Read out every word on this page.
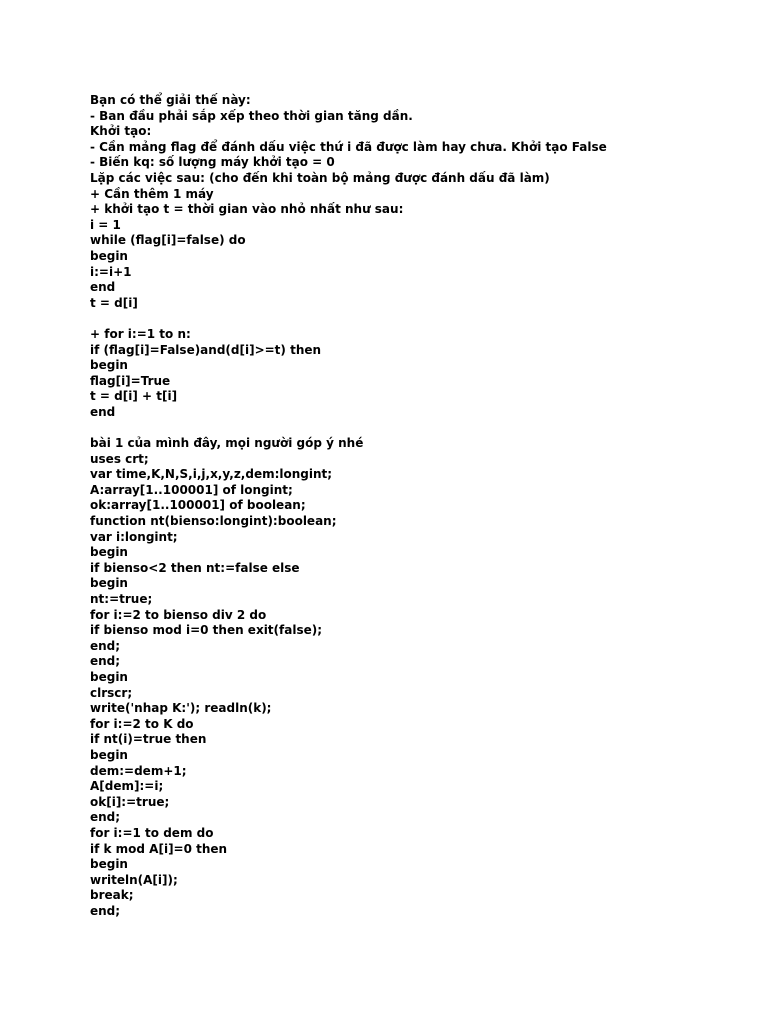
Bạn có thể giải thế này:
- Ban đầu phải sắp xếp theo thời gian tăng dần.
Khởi tạo:
- Cần mảng flag để đánh dấu việc thứ i đã được làm hay chưa. Khởi tạo False
- Biến kq: số lượng máy khởi tạo = 0
Lặp các việc sau: (cho đến khi toàn bộ mảng được đánh dấu đã làm)
+ Cần thêm 1 máy
+ khởi tạo t = thời gian vào nhỏ nhất như sau:
i = 1
while (flag[i]=false) do
begin
i:=i+1
end
t = d[i]
+ for i:=1 to n:
if (flag[i]=False)and(d[i]>=t) then
begin
flag[i]=True
t = d[i] + t[i]
end
bài 1 của mình đây, mọi người góp ý nhé
uses crt;
var time,K,N,S,i,j,x,y,z,dem:longint;
A:array[1..100001] of longint;
ok:array[1..100001] of boolean;
function nt(bienso:longint):boolean;
var i:longint;
begin
if bienso<2 then nt:=false else
begin
nt:=true;
for i:=2 to bienso div 2 do
if bienso mod i=0 then exit(false);
end;
end;
begin
clrscr;
write('nhap K:'); readln(k);
for i:=2 to K do
if nt(i)=true then
begin
dem:=dem+1;
A[dem]:=i;
ok[i]:=true;
end;
for i:=1 to dem do
if k mod A[i]=0 then
begin
writeln(A[i]);
break;
end;
